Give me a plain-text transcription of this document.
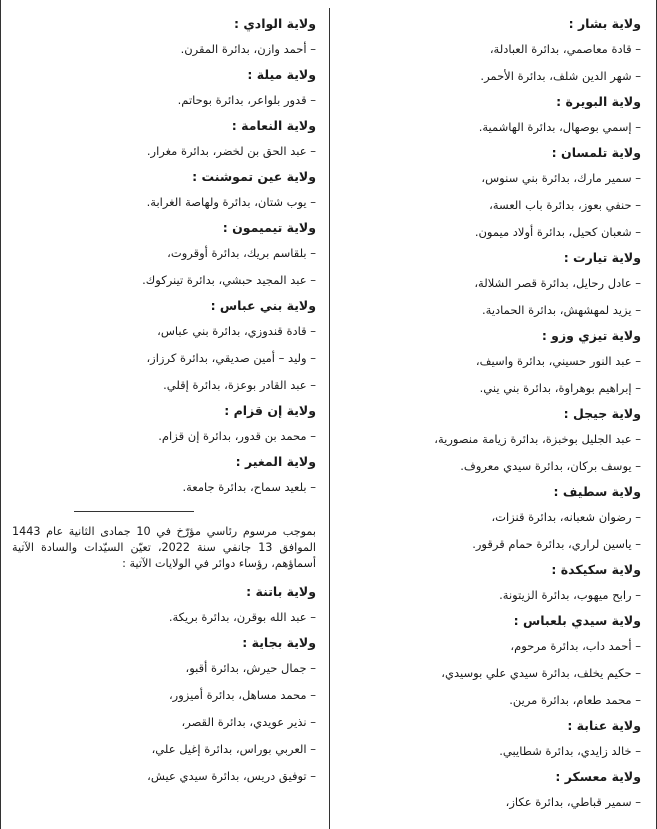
ولاية بشار :
– قادة معاصمي، بدائرة العبادلة،
– شهر الدين شلف، بدائرة الأحمر.
ولاية البويرة :
– إسمي بوصهال، بدائرة الهاشمية.
ولاية تلمسان :
– سمير مارك، بدائرة بني سنوس،
– حنفي بعوز، بدائرة باب العسة،
– شعبان كحيل، بدائرة أولاد ميمون.
ولاية تيارت :
– عادل رحايل، بدائرة قصر الشلالة،
– يزيد لمهشهش، بدائرة الحمادية.
ولاية تيزي وزو :
– عبد النور حسيني، بدائرة واسيف،
– إبراهيم بوهراوة، بدائرة بني يني.
ولاية جيجل :
– عبد الجليل بوخبزة، بدائرة زيامة منصورية،
– يوسف بركان، بدائرة سيدي معروف.
ولاية سطيف :
– رضوان شعبانه، بدائرة قنزات،
– ياسين لراري، بدائرة حمام قرقور.
ولاية سكيكدة :
– رابح ميهوب، بدائرة الزيتونة.
ولاية سيدي بلعباس :
– أحمد داب، بدائرة مرحوم،
– حكيم يخلف، بدائرة سيدي علي بوسيدي،
– محمد طعام، بدائرة مرين.
ولاية عنابة :
– خالد زايدي، بدائرة شطايبي.
ولاية معسكر :
– سمير قباطي، بدائرة عكاز،
ولاية الوادي :
– أحمد وازن، بدائرة المقرن.
ولاية ميلة :
– قدور بلواعر، بدائرة بوحاتم.
ولاية النعامة :
– عبد الحق بن لخضر، بدائرة مغرار.
ولاية عين تموشنت :
– يوب شتان، بدائرة ولهاصة الغرابة.
ولاية تيميمون :
– بلقاسم بريك، بدائرة أوقروت،
– عبد المجيد حبشي، بدائرة تينركوك.
ولاية بني عباس :
– قادة قندوزي، بدائرة بني عباس،
– وليد – أمين صديقي، بدائرة كرزاز،
– عبد القادر بوعزة، بدائرة إقلي.
ولاية إن قزام :
– محمد بن قدور، بدائرة إن قزام.
ولاية المغير :
– بلعيد سماح، بدائرة جامعة.

بموجب مرسوم رئاسي مؤرّخ في 10 جمادى الثانية عام 1443 الموافق 13 جانفي سنة 2022، تعيّن السيّدات والسادة الآتية أسماؤهم، رؤساء دوائر في الولايات الآتية :

ولاية باتنة :
– عبد الله بوقرن، بدائرة بريكة.
ولاية بجاية :
– جمال حيرش، بدائرة أقبو،
– محمد مساهل، بدائرة أميزور،
– نذير عويدي، بدائرة القصر،
– العربي بوراس، بدائرة إغيل علي،
– توفيق دريس، بدائرة سيدي عيش،
